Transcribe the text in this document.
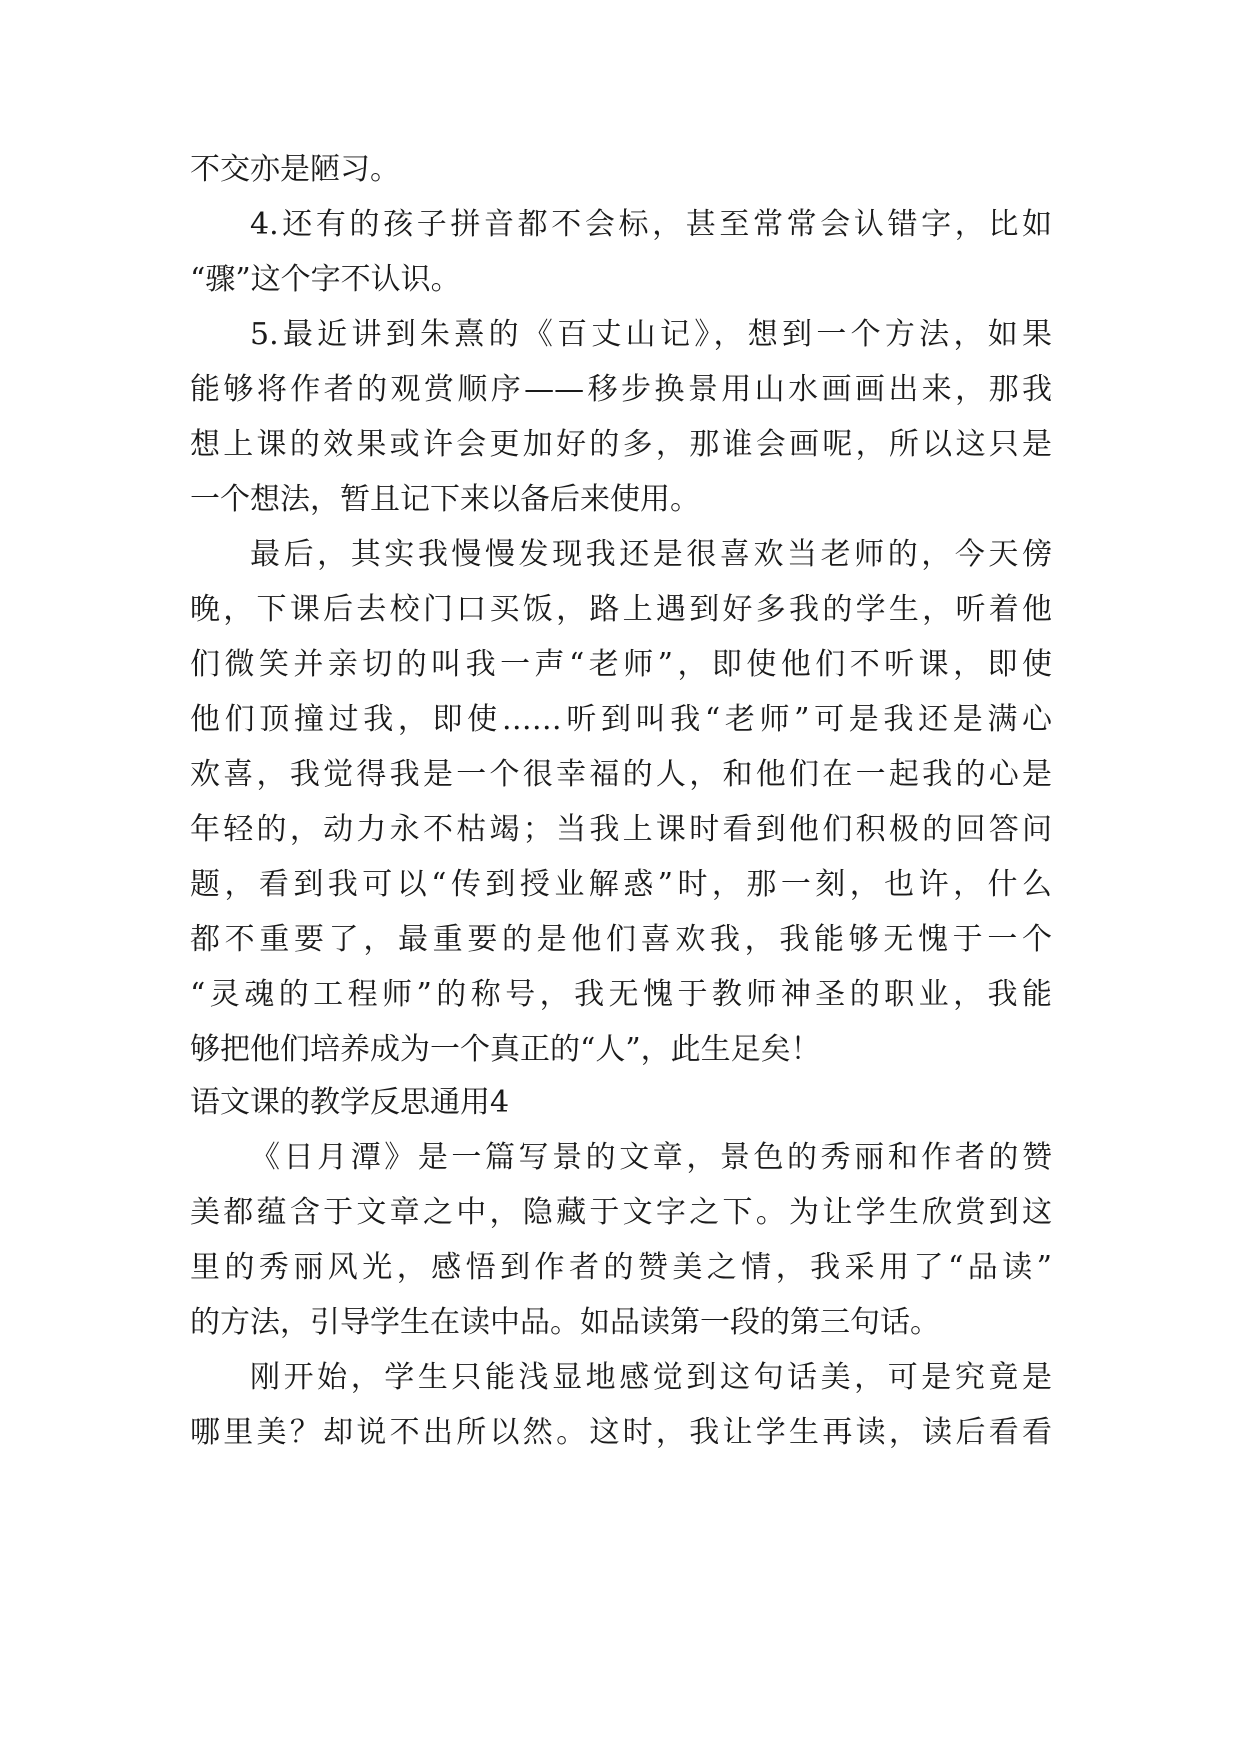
不交亦是陋习。
4.还有的孩子拼音都不会标，甚至常常会认错字，比如
“骤”这个字不认识。
5.最近讲到朱熹的《百丈山记》，想到一个方法，如果
能够将作者的观赏顺序——移步换景用山水画画出来，那我
想上课的效果或许会更加好的多，那谁会画呢，所以这只是
一个想法，暂且记下来以备后来使用。
最后，其实我慢慢发现我还是很喜欢当老师的，今天傍
晚，下课后去校门口买饭，路上遇到好多我的学生，听着他
们微笑并亲切的叫我一声“老师”，即使他们不听课，即使
他们顶撞过我，即使……听到叫我“老师”可是我还是满心
欢喜，我觉得我是一个很幸福的人，和他们在一起我的心是
年轻的，动力永不枯竭；当我上课时看到他们积极的回答问
题，看到我可以“传到授业解惑”时，那一刻，也许，什么
都不重要了，最重要的是他们喜欢我，我能够无愧于一个
“灵魂的工程师”的称号，我无愧于教师神圣的职业，我能
够把他们培养成为一个真正的“人”，此生足矣！
语文课的教学反思通用4
《日月潭》是一篇写景的文章，景色的秀丽和作者的赞
美都蕴含于文章之中，隐藏于文字之下。为让学生欣赏到这
里的秀丽风光，感悟到作者的赞美之情，我采用了“品读”
的方法，引导学生在读中品。如品读第一段的第三句话。
刚开始，学生只能浅显地感觉到这句话美，可是究竟是
哪里美？却说不出所以然。这时，我让学生再读，读后看看
